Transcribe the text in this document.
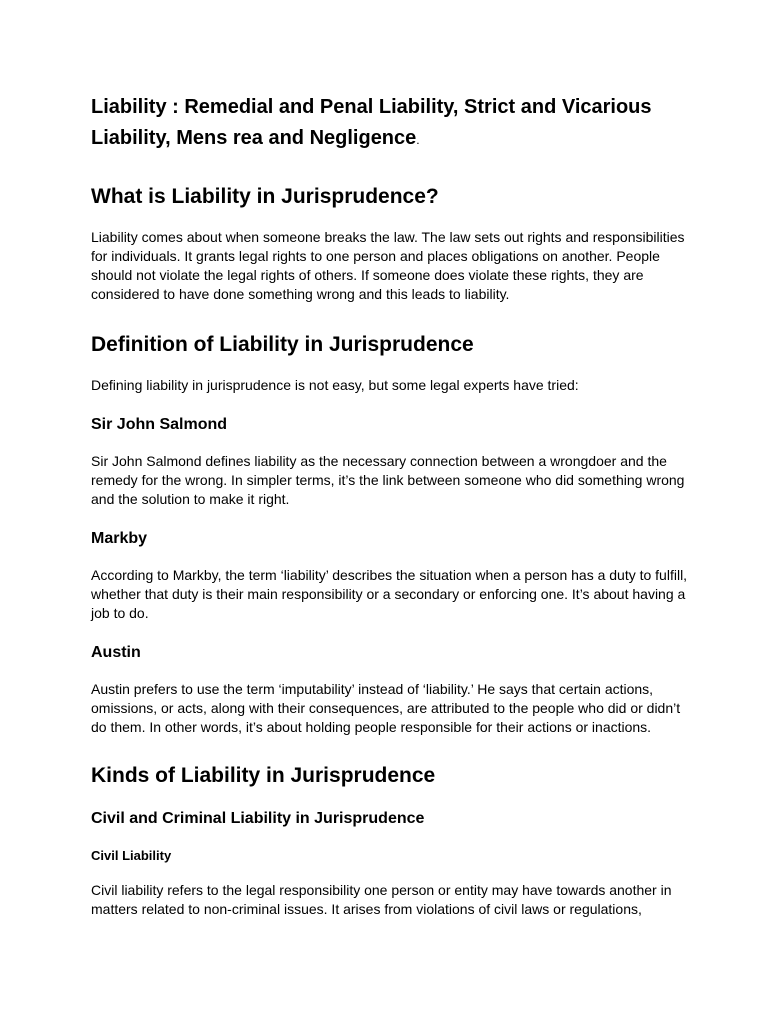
Liability : Remedial and Penal Liability, Strict and Vicarious Liability, Mens rea and Negligence.
What is Liability in Jurisprudence?

Liability comes about when someone breaks the law. The law sets out rights and responsibilities for individuals. It grants legal rights to one person and places obligations on another. People should not violate the legal rights of others. If someone does violate these rights, they are considered to have done something wrong and this leads to liability.

Definition of Liability in Jurisprudence

Defining liability in jurisprudence is not easy, but some legal experts have tried:

Sir John Salmond

Sir John Salmond defines liability as the necessary connection between a wrongdoer and the remedy for the wrong. In simpler terms, it’s the link between someone who did something wrong and the solution to make it right.

Markby

According to Markby, the term ‘liability’ describes the situation when a person has a duty to fulfill, whether that duty is their main responsibility or a secondary or enforcing one. It’s about having a job to do.

Austin

Austin prefers to use the term ‘imputability’ instead of ‘liability.’ He says that certain actions, omissions, or acts, along with their consequences, are attributed to the people who did or didn’t do them. In other words, it’s about holding people responsible for their actions or inactions.

Kinds of Liability in Jurisprudence
Civil and Criminal Liability in Jurisprudence
Civil Liability

Civil liability refers to the legal responsibility one person or entity may have towards another in matters related to non-criminal issues. It arises from violations of civil laws or regulations,
